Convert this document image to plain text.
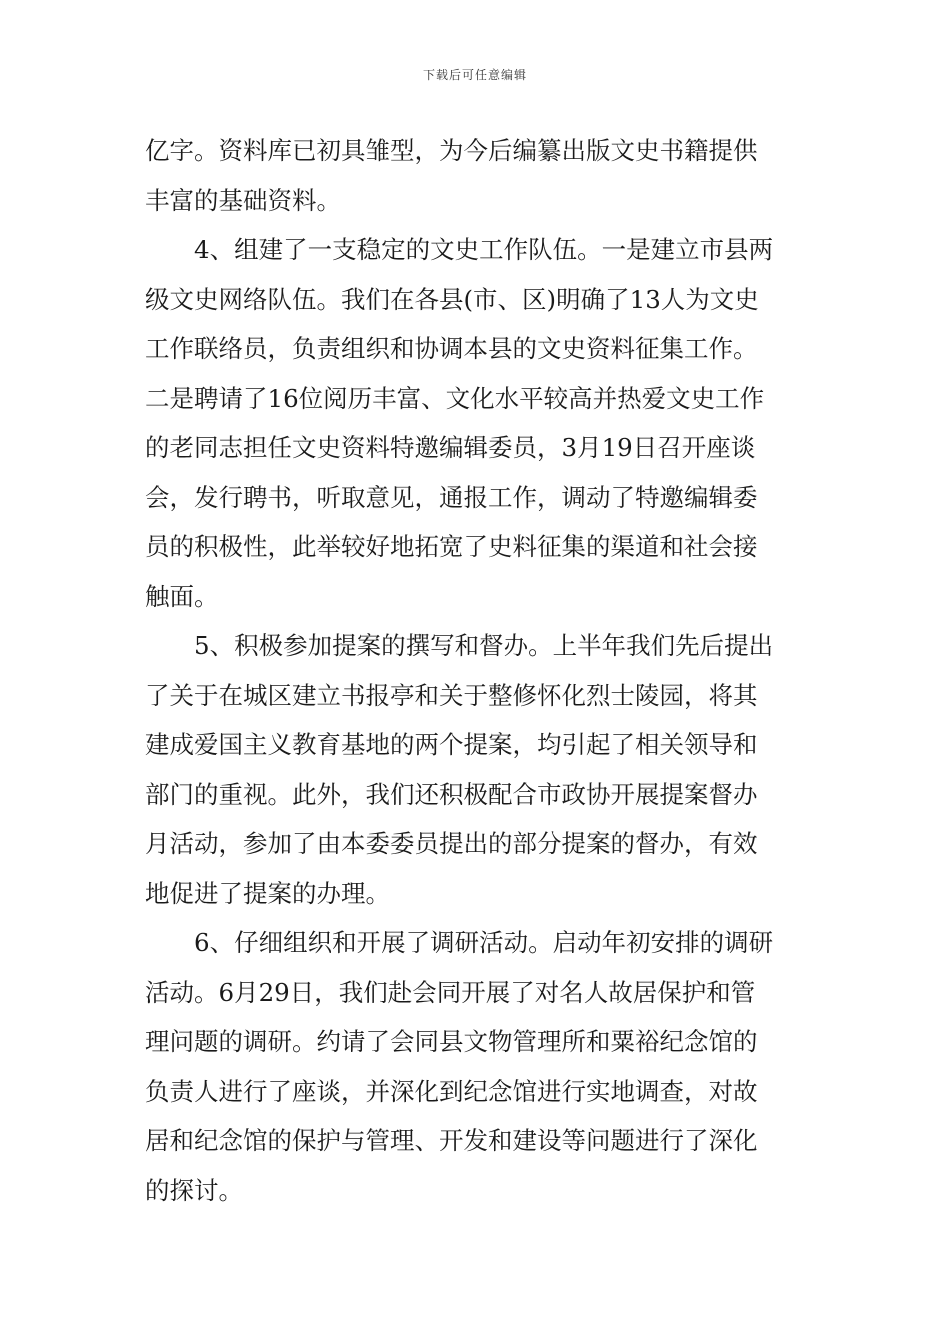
下载后可任意编辑
亿字。资料库已初具雏型，为今后编纂出版文史书籍提供
丰富的基础资料。
4、组建了一支稳定的文史工作队伍。一是建立市县两
级文史网络队伍。我们在各县(市、区)明确了13人为文史
工作联络员，负责组织和协调本县的文史资料征集工作。
二是聘请了16位阅历丰富、文化水平较高并热爱文史工作
的老同志担任文史资料特邀编辑委员，3月19日召开座谈
会，发行聘书，听取意见，通报工作，调动了特邀编辑委
员的积极性，此举较好地拓宽了史料征集的渠道和社会接
触面。
5、积极参加提案的撰写和督办。上半年我们先后提出
了关于在城区建立书报亭和关于整修怀化烈士陵园，将其
建成爱国主义教育基地的两个提案，均引起了相关领导和
部门的重视。此外，我们还积极配合市政协开展提案督办
月活动，参加了由本委委员提出的部分提案的督办，有效
地促进了提案的办理。
6、仔细组织和开展了调研活动。启动年初安排的调研
活动。6月29日，我们赴会同开展了对名人故居保护和管
理问题的调研。约请了会同县文物管理所和粟裕纪念馆的
负责人进行了座谈，并深化到纪念馆进行实地调查，对故
居和纪念馆的保护与管理、开发和建设等问题进行了深化
的探讨。
